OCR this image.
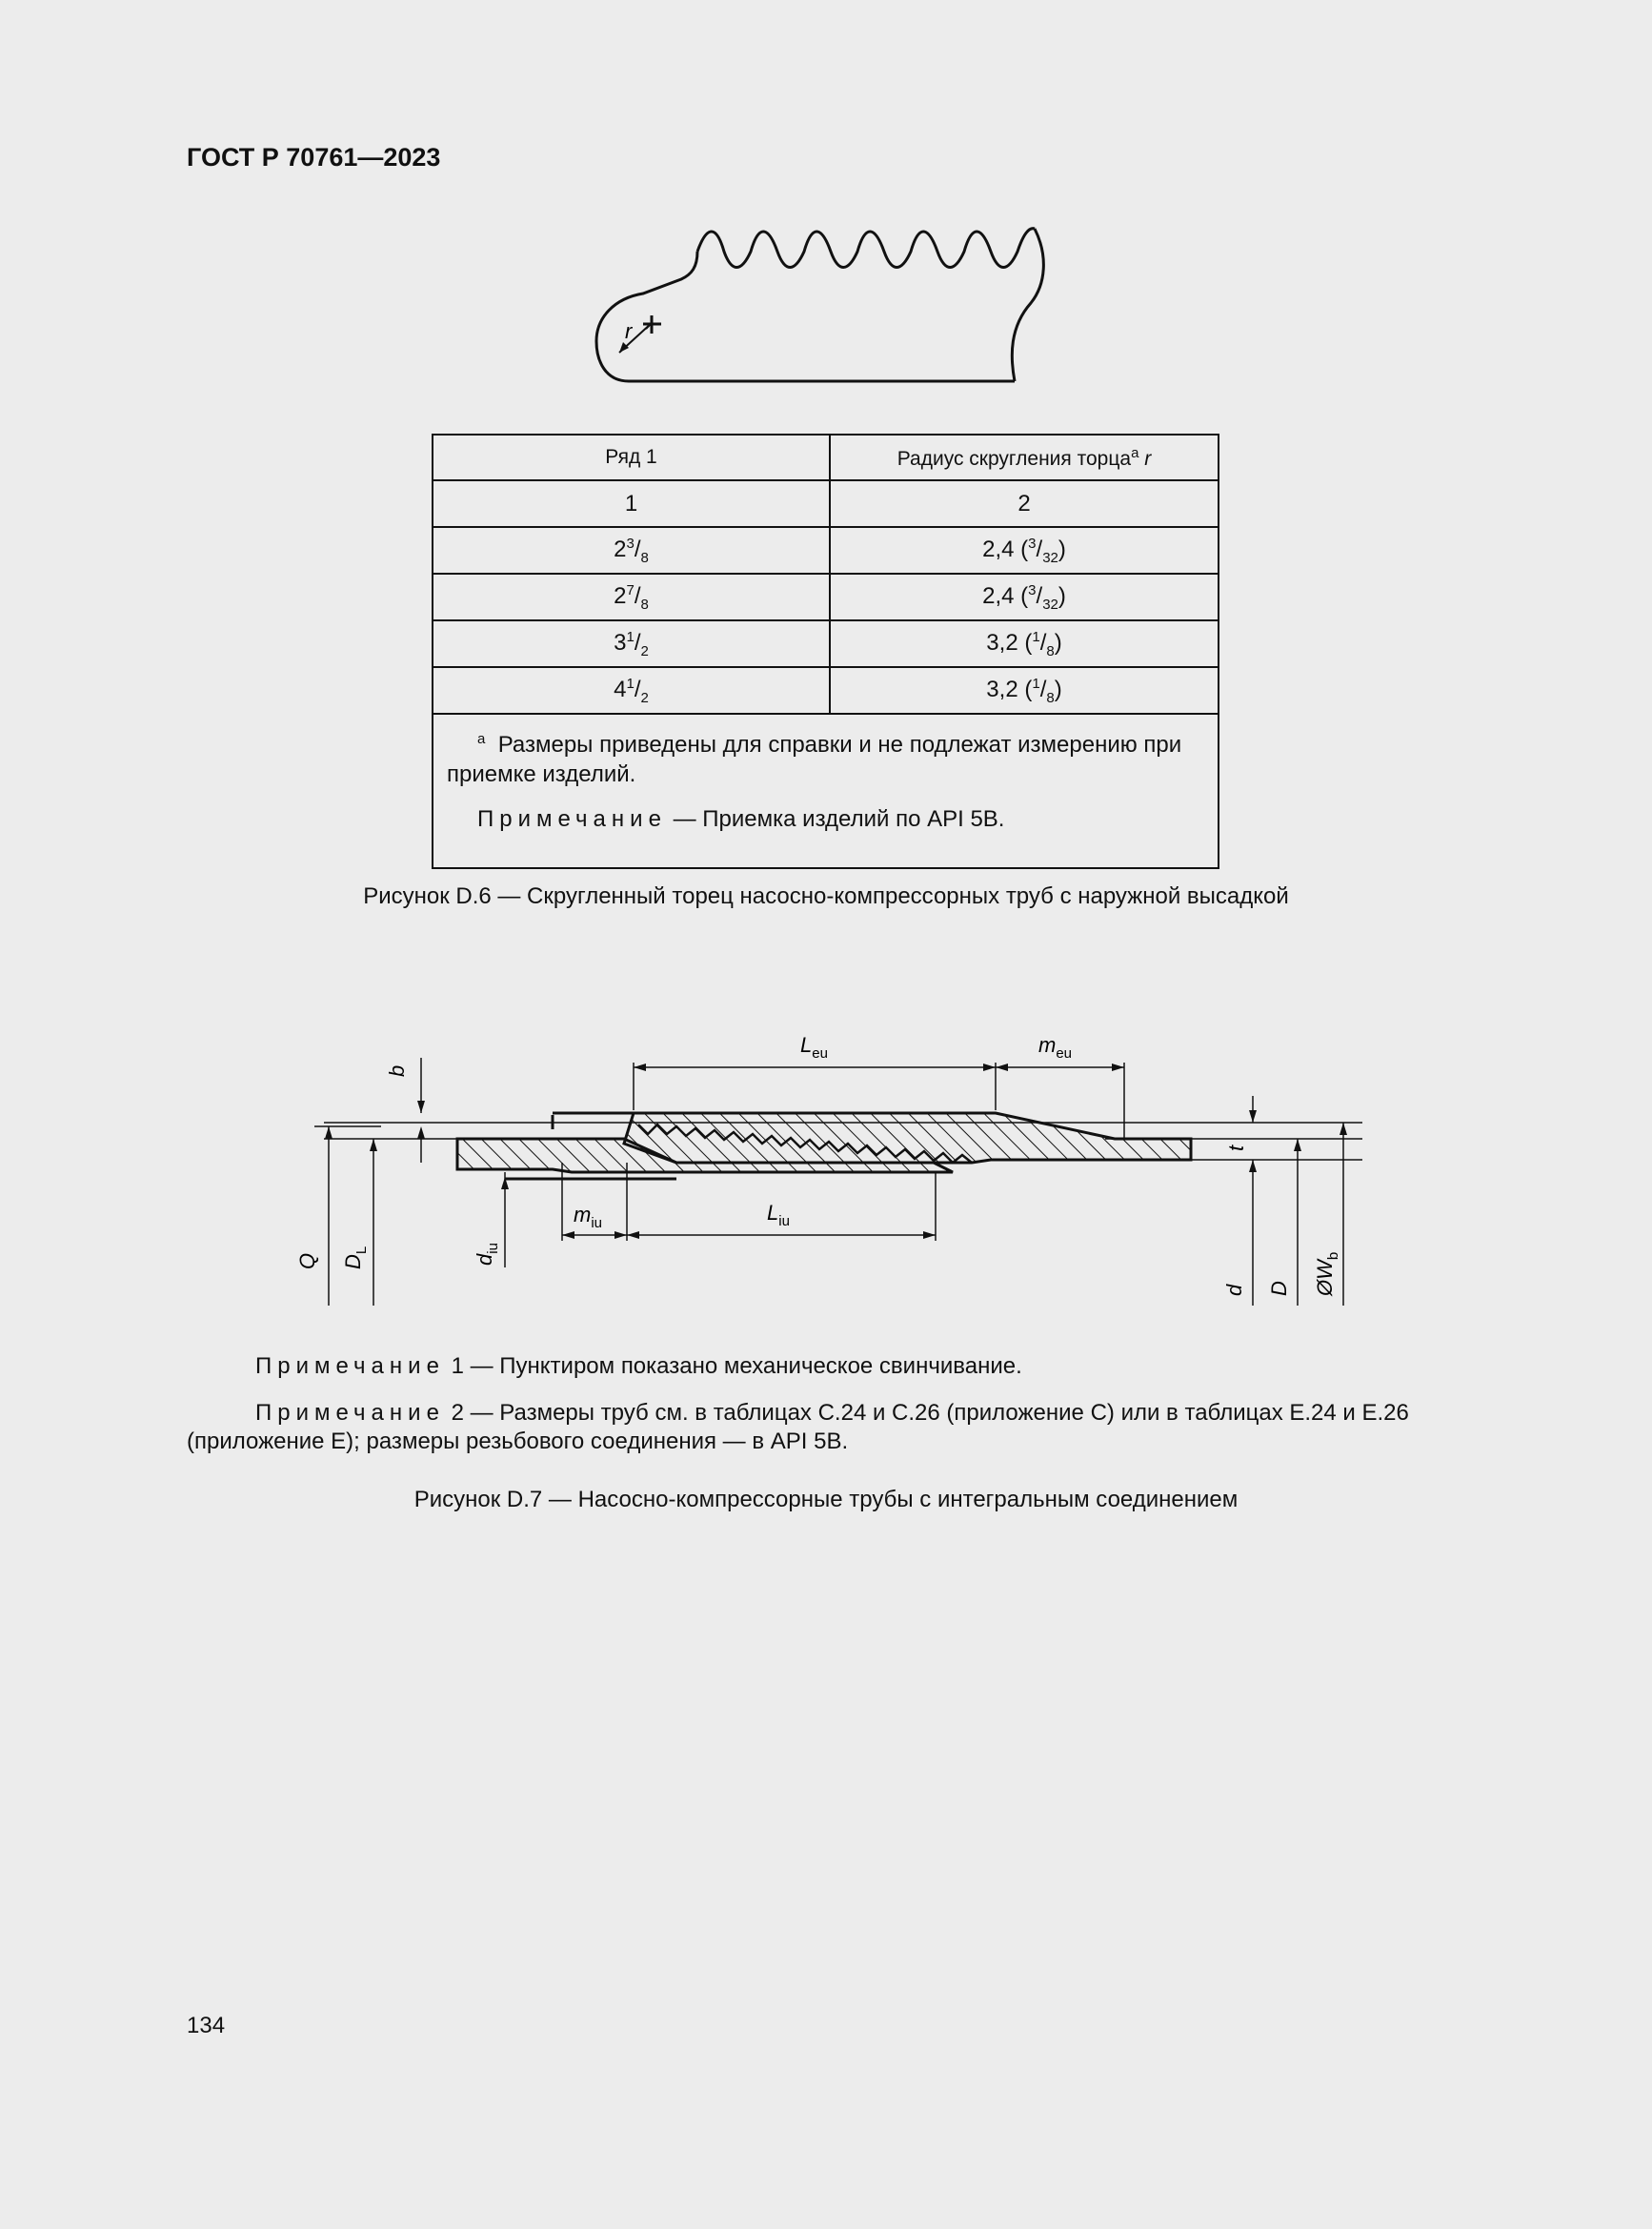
ГОСТ Р 70761—2023
r
Ряд 1	Радиус скругления торца$^a$ r
1	2
$2^3/_8$	2,4 $(^3/_{32})$
$2^7/_8$	2,4 $(^3/_{32})$
$3^1/_2$	3,2 $(^1/_8)$
$4^1/_2$	3,2 $(^1/_8)$

$^a$ Размеры приведены для справки и не подлежат измерению при приемке изделий.
Примечание — Приемка изделий по API 5B.	
Рисунок D.6 — Скругленный торец насосно-компрессорных труб с наружной высадкой
$L_{eu}$	$m_{eu}$
b
$m_{iu}$	$L_{iu}$
Q $D_L$
$d_{iu}$
t
d D $ØW_b$
Примечание 1 — Пунктиром показано механическое свинчивание.
Примечание 2 — Размеры труб см. в таблицах C.24 и C.26 (приложение C) или в таблицах E.24 и E.26 (приложение E); размеры резьбового соединения — в API 5B.
Рисунок D.7 — Насосно-компрессорные трубы с интегральным соединением
134
